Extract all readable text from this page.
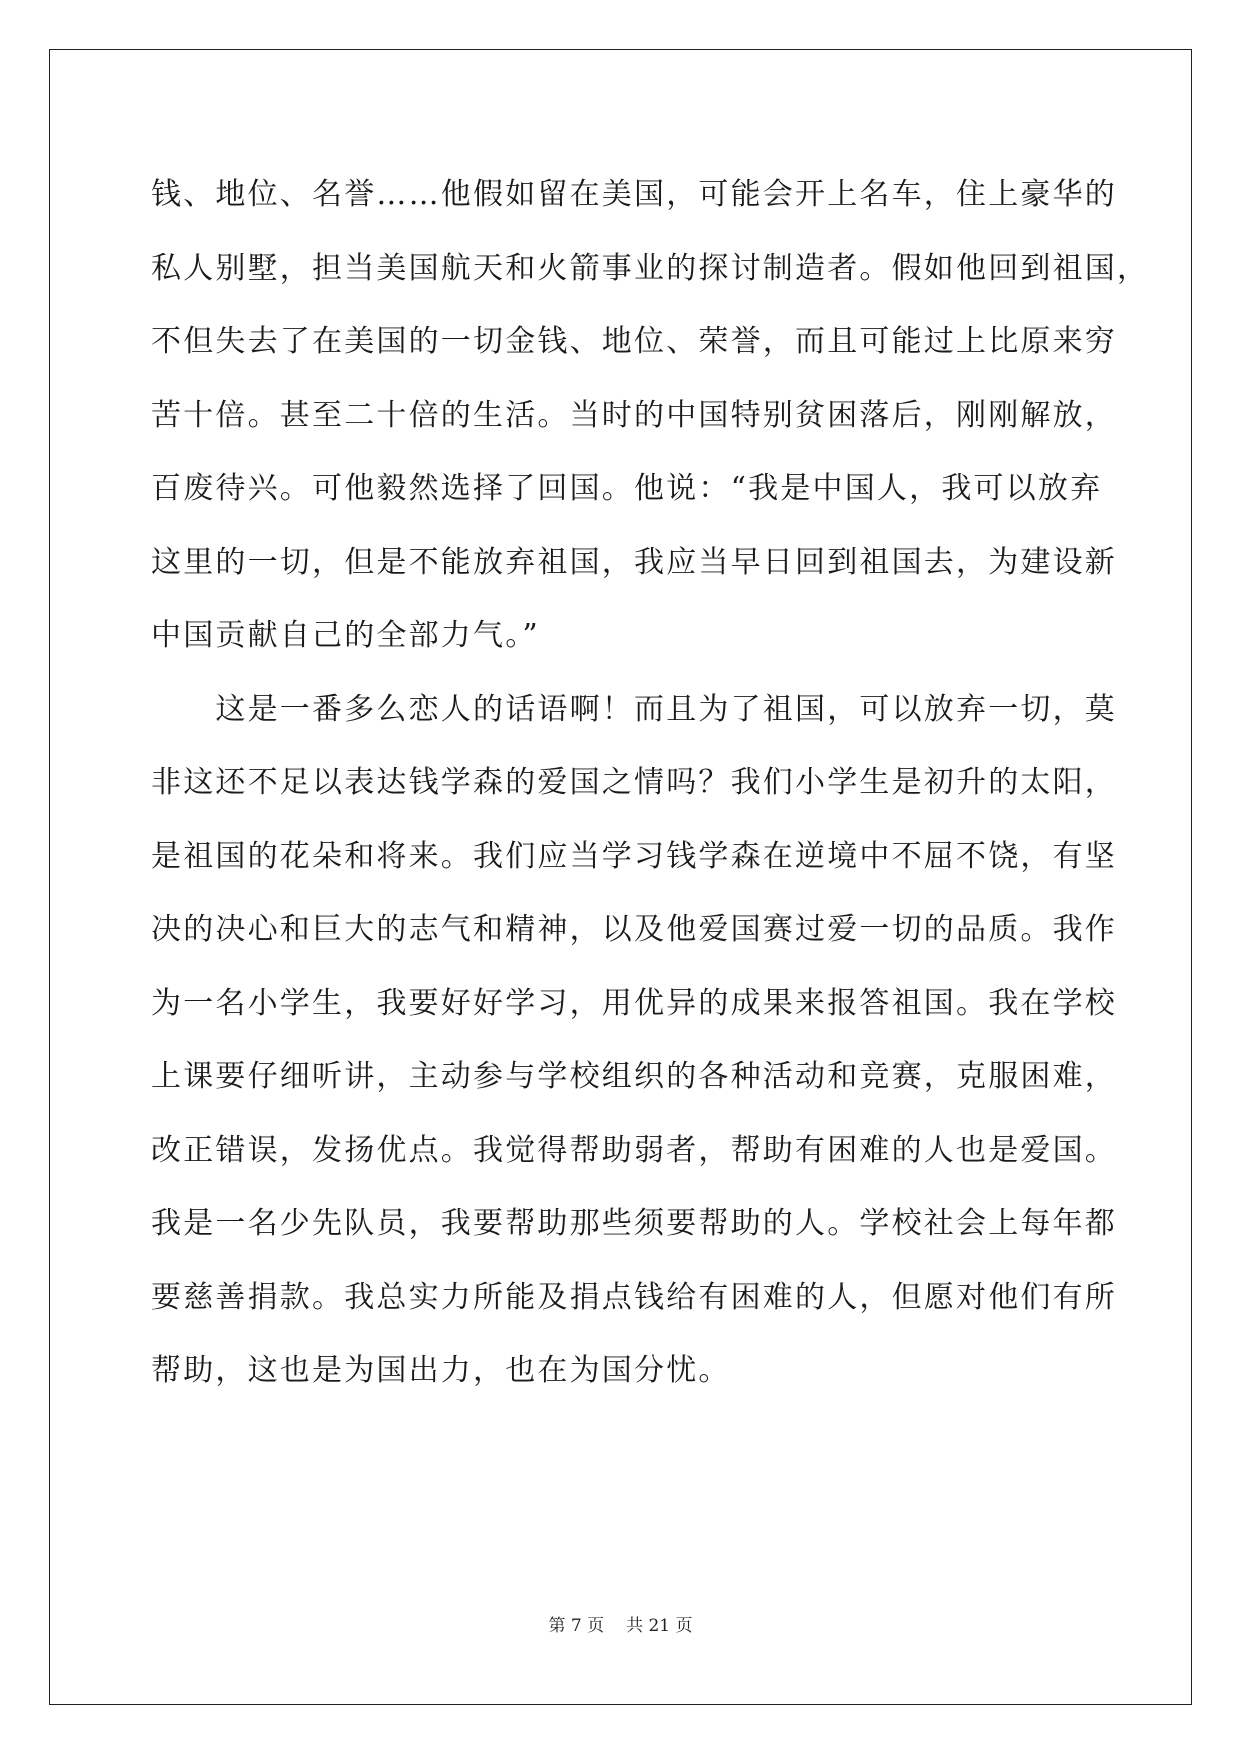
钱、地位、名誉……他假如留在美国，可能会开上名车，住上豪华的
私人别墅，担当美国航天和火箭事业的探讨制造者。假如他回到祖国，
不但失去了在美国的一切金钱、地位、荣誉，而且可能过上比原来穷
苦十倍。甚至二十倍的生活。当时的中国特别贫困落后，刚刚解放，
百废待兴。可他毅然选择了回国。他说：“我是中国人，我可以放弃
这里的一切，但是不能放弃祖国，我应当早日回到祖国去，为建设新
中国贡献自己的全部力气。”
　　这是一番多么恋人的话语啊！而且为了祖国，可以放弃一切，莫
非这还不足以表达钱学森的爱国之情吗？我们小学生是初升的太阳，
是祖国的花朵和将来。我们应当学习钱学森在逆境中不屈不饶，有坚
决的决心和巨大的志气和精神，以及他爱国赛过爱一切的品质。我作
为一名小学生，我要好好学习，用优异的成果来报答祖国。我在学校
上课要仔细听讲，主动参与学校组织的各种活动和竞赛，克服困难，
改正错误，发扬优点。我觉得帮助弱者，帮助有困难的人也是爱国。
我是一名少先队员，我要帮助那些须要帮助的人。学校社会上每年都
要慈善捐款。我总实力所能及捐点钱给有困难的人，但愿对他们有所
帮助，这也是为国出力，也在为国分忧。
第 7 页 共 21 页
